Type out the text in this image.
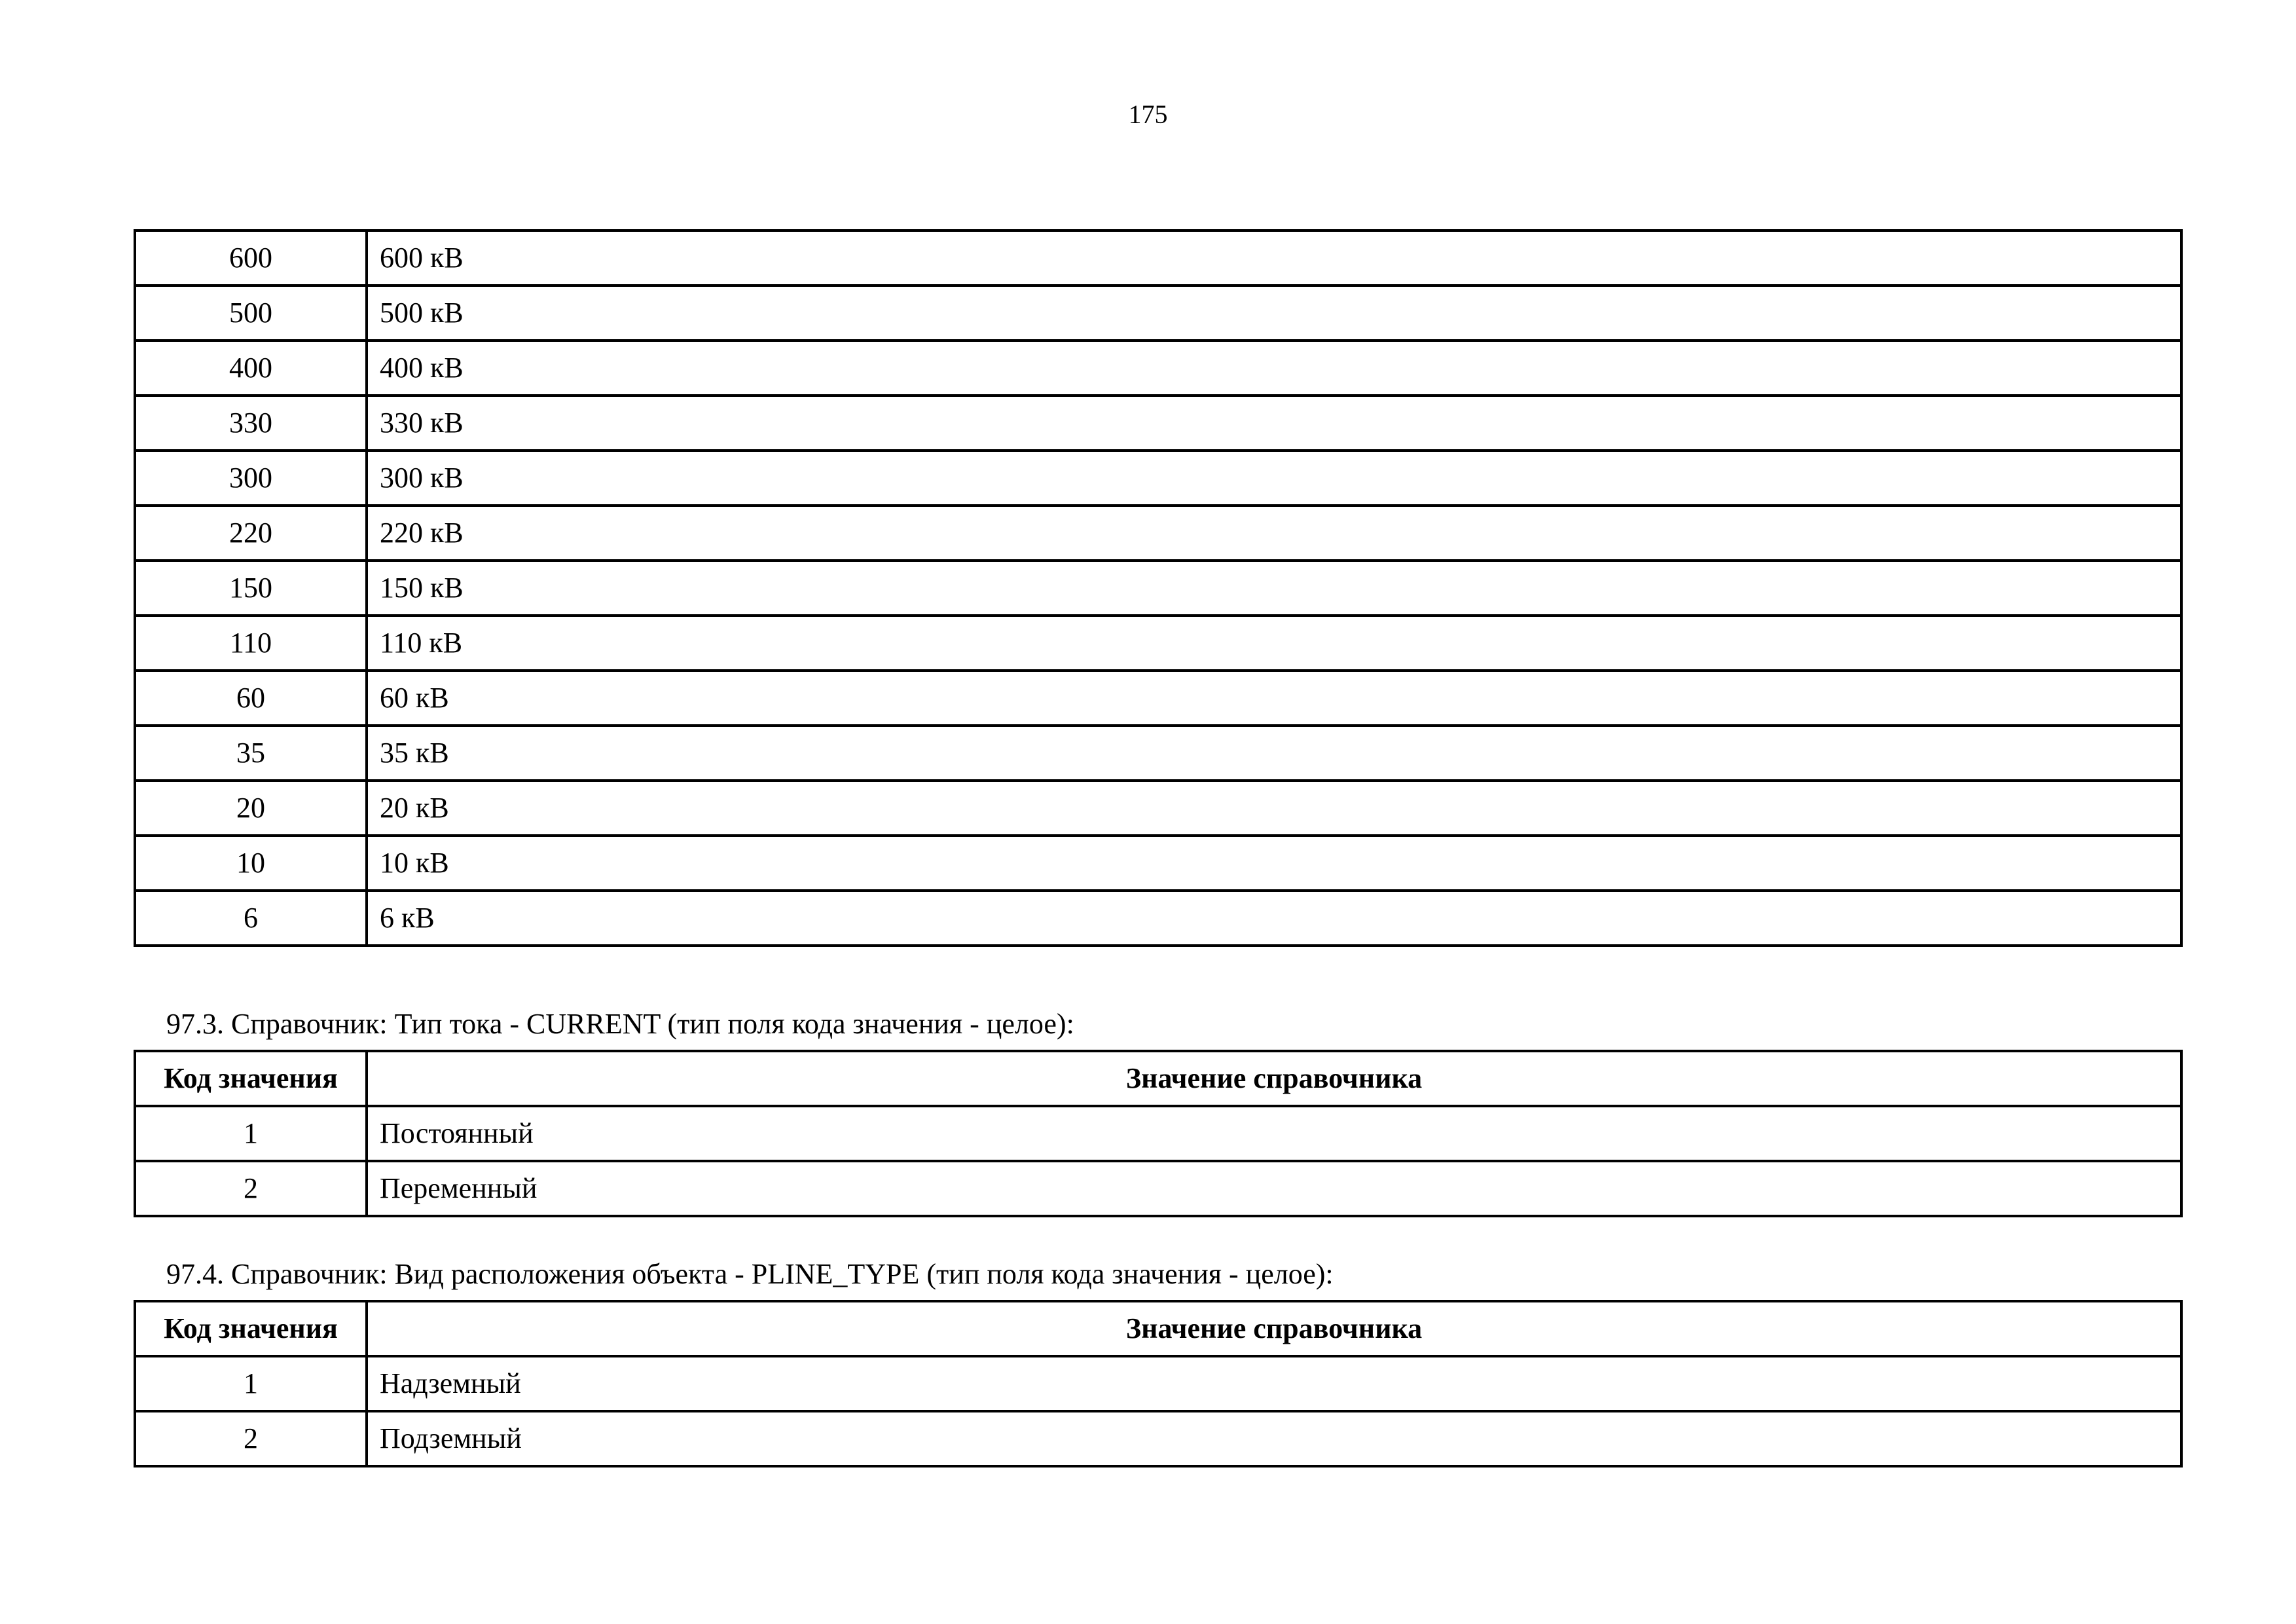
175
600	600 кВ
500	500 кВ
400	400 кВ
330	330 кВ
300	300 кВ
220	220 кВ
150	150 кВ
110	110 кВ
60	60 кВ
35	35 кВ
20	20 кВ
10	10 кВ
6	6 кВ
97.3. Справочник: Тип тока - CURRENT (тип поля кода значения - целое):
Код значения	Значение справочника
1	Постоянный
2	Переменный
97.4. Справочник: Вид расположения объекта - PLINE_TYPE (тип поля кода значения - целое):
Код значения	Значение справочника
1	Надземный
2	Подземный
